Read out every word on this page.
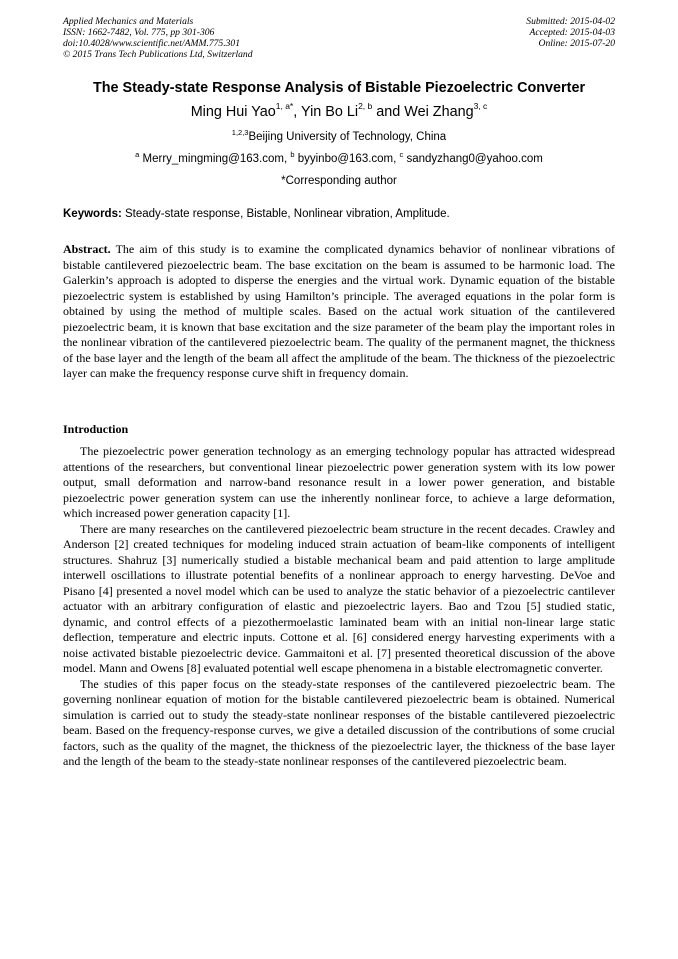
Applied Mechanics and Materials
ISSN: 1662-7482, Vol. 775, pp 301-306
doi:10.4028/www.scientific.net/AMM.775.301
© 2015 Trans Tech Publications Ltd, Switzerland
Submitted: 2015-04-02
Accepted: 2015-04-03
Online: 2015-07-20
The Steady-state Response Analysis of Bistable Piezoelectric Converter
Ming Hui Yao$^{1, a*}$, Yin Bo Li$^{2, b}$ and Wei Zhang$^{3, c}$
$^{1,2,3}$Beijing University of Technology, China
$^a$ Merry_mingming@163.com, $^b$ byyinbo@163.com, $^c$ sandyzhang0@yahoo.com
*Corresponding author
Keywords: Steady-state response, Bistable, Nonlinear vibration, Amplitude.
Abstract. The aim of this study is to examine the complicated dynamics behavior of nonlinear vibrations of bistable cantilevered piezoelectric beam. The base excitation on the beam is assumed to be harmonic load. The Galerkin’s approach is adopted to disperse the energies and the virtual work. Dynamic equation of the bistable piezoelectric system is established by using Hamilton’s principle. The averaged equations in the polar form is obtained by using the method of multiple scales. Based on the actual work situation of the cantilevered piezoelectric beam, it is known that base excitation and the size parameter of the beam play the important roles in the nonlinear vibration of the cantilevered piezoelectric beam. The quality of the permanent magnet, the thickness of the base layer and the length of the beam all affect the amplitude of the beam. The thickness of the piezoelectric layer can make the frequency response curve shift in frequency domain.
Introduction

The piezoelectric power generation technology as an emerging technology popular has attracted widespread attentions of the researchers, but conventional linear piezoelectric power generation system with its low power output, small deformation and narrow-band resonance result in a lower power generation, and bistable piezoelectric power generation system can use the inherently nonlinear force, to achieve a large deformation, which increased power generation capacity [1].

There are many researches on the cantilevered piezoelectric beam structure in the recent decades. Crawley and Anderson [2] created techniques for modeling induced strain actuation of beam-like components of intelligent structures. Shahruz [3] numerically studied a bistable mechanical beam and paid attention to large amplitude interwell oscillations to illustrate potential benefits of a nonlinear approach to energy harvesting. DeVoe and Pisano [4] presented a novel model which can be used to analyze the static behavior of a piezoelectric cantilever actuator with an arbitrary configuration of elastic and piezoelectric layers. Bao and Tzou [5] studied static, dynamic, and control effects of a piezothermoelastic laminated beam with an initial non-linear large static deflection, temperature and electric inputs. Cottone et al. [6] considered energy harvesting experiments with a noise activated bistable piezoelectric device. Gammaitoni et al. [7] presented theoretical discussion of the above model. Mann and Owens [8] evaluated potential well escape phenomena in a bistable electromagnetic converter.

The studies of this paper focus on the steady-state responses of the cantilevered piezoelectric beam. The governing nonlinear equation of motion for the bistable cantilevered piezoelectric beam is obtained. Numerical simulation is carried out to study the steady-state nonlinear responses of the bistable cantilevered piezoelectric beam. Based on the frequency-response curves, we give a detailed discussion of the contributions of some crucial factors, such as the quality of the magnet, the thickness of the piezoelectric layer, the thickness of the base layer and the length of the beam to the steady-state nonlinear responses of the cantilevered piezoelectric beam.
